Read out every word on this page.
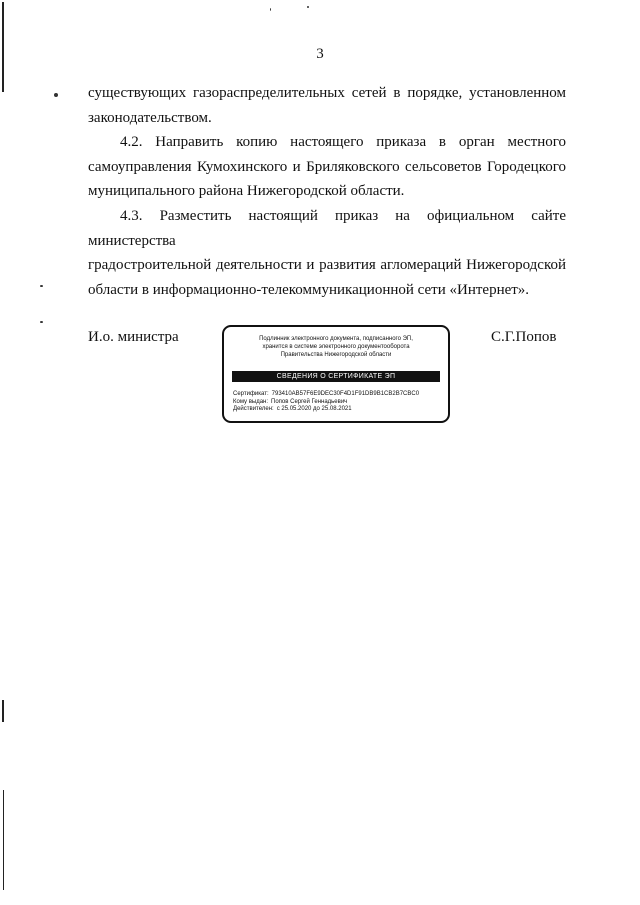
3
существующих газораспределительных сетей в порядке, установленном
законодательством.
4.2. Направить копию настоящего приказа в орган местного
самоуправления Кумохинского и Бриляковского сельсоветов Городецкого
муниципального района Нижегородской области.
4.3. Разместить настоящий приказ на официальном сайте министерства
градостроительной деятельности и развития агломераций Нижегородской
области в информационно-телекоммуникационной сети «Интернет».
И.о. министра	Подлинник электронного документа, подписанного ЭП,
хранится в системе электронного документооборота
Правительства Нижегородской области
СВЕДЕНИЯ О СЕРТИФИКАТЕ ЭП
Сертификат: 793410AB57F6E9DEC30F4D1F91DB9B1CB2B7CBC0
Кому выдан: Попов Сергей Геннадьевич
Действителен: с 25.05.2020 до 25.08.2021
С.Г.Попов
